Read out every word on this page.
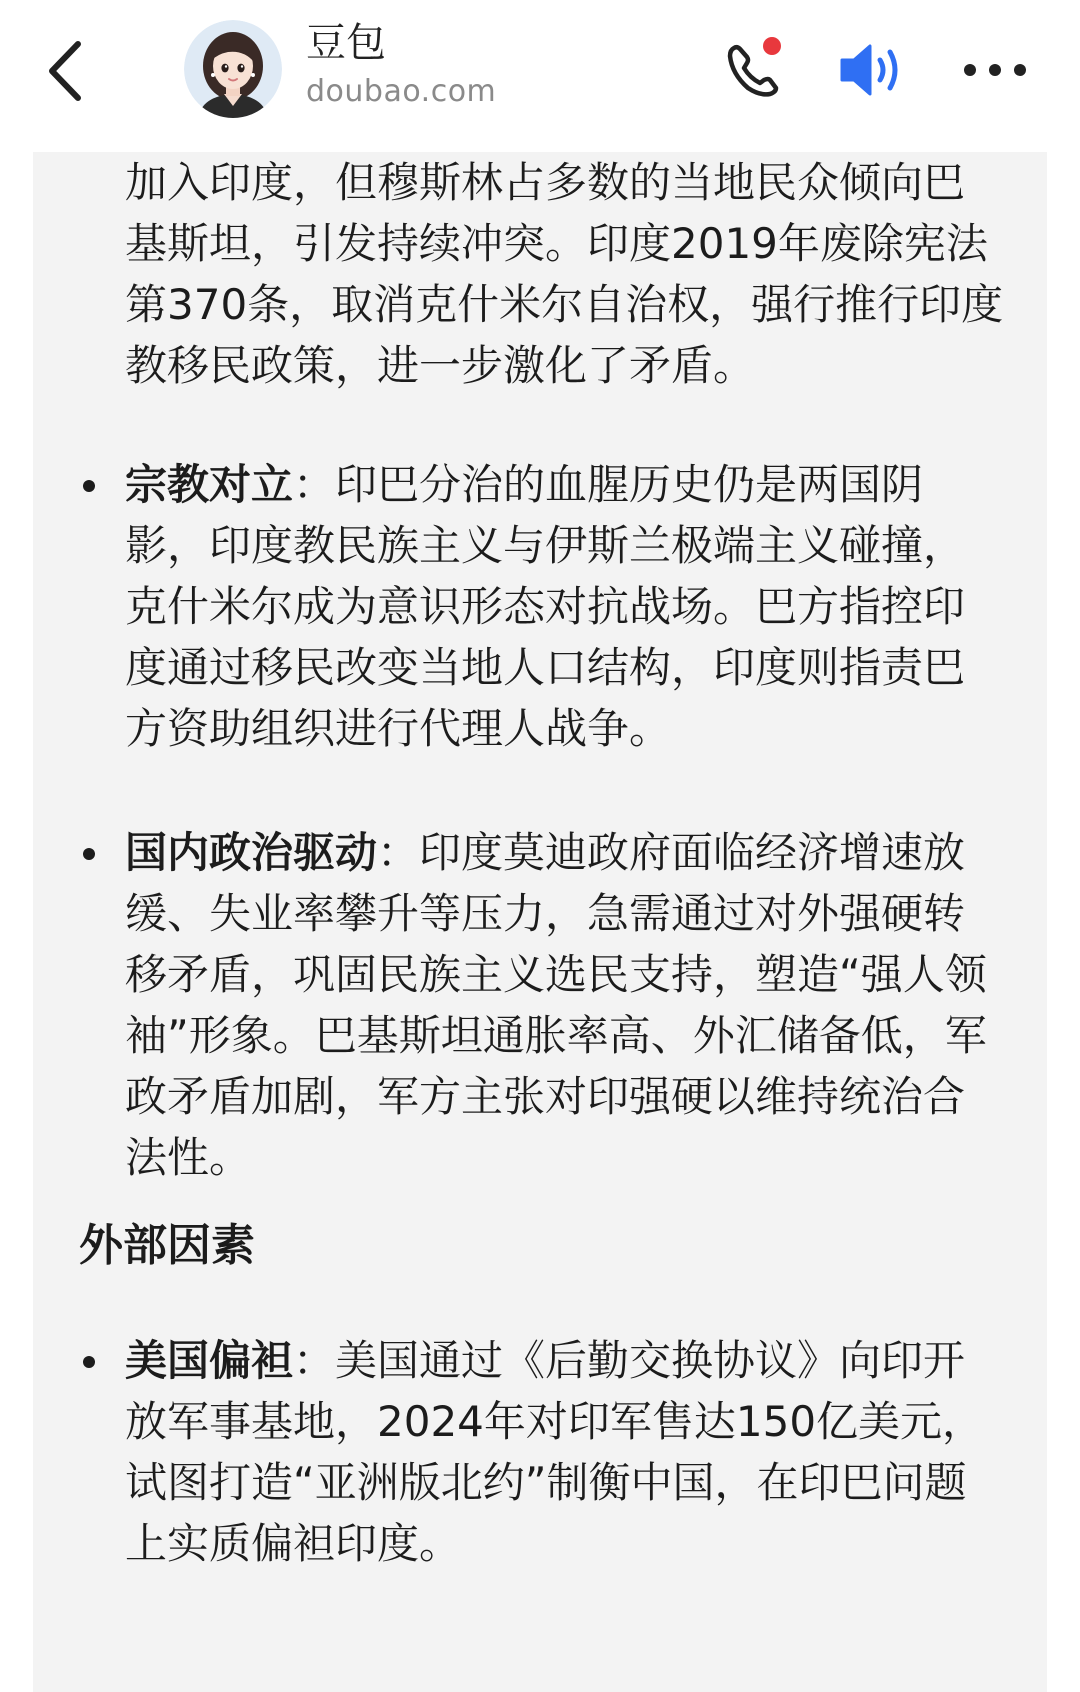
豆包
doubao.com
加入印度，但穆斯林占多数的当地民众倾向巴基斯坦，引发持续冲突。印度2019年废除宪法第370条，取消克什米尔自治权，强行推行印度教移民政策，进一步激化了矛盾。
宗教对立：印巴分治的血腥历史仍是两国阴影，印度教民族主义与伊斯兰极端主义碰撞，克什米尔成为意识形态对抗战场。巴方指控印度通过移民改变当地人口结构，印度则指责巴方资助组织进行代理人战争。
国内政治驱动：印度莫迪政府面临经济增速放缓、失业率攀升等压力，急需通过对外强硬转移矛盾，巩固民族主义选民支持，塑造“强人领袖”形象。巴基斯坦通胀率高、外汇储备低，军政矛盾加剧，军方主张对印强硬以维持统治合法性。
外部因素
美国偏袒：美国通过《后勤交换协议》向印开放军事基地，2024年对印军售达150亿美元，试图打造“亚洲版北约”制衡中国，在印巴问题上实质偏袒印度。
